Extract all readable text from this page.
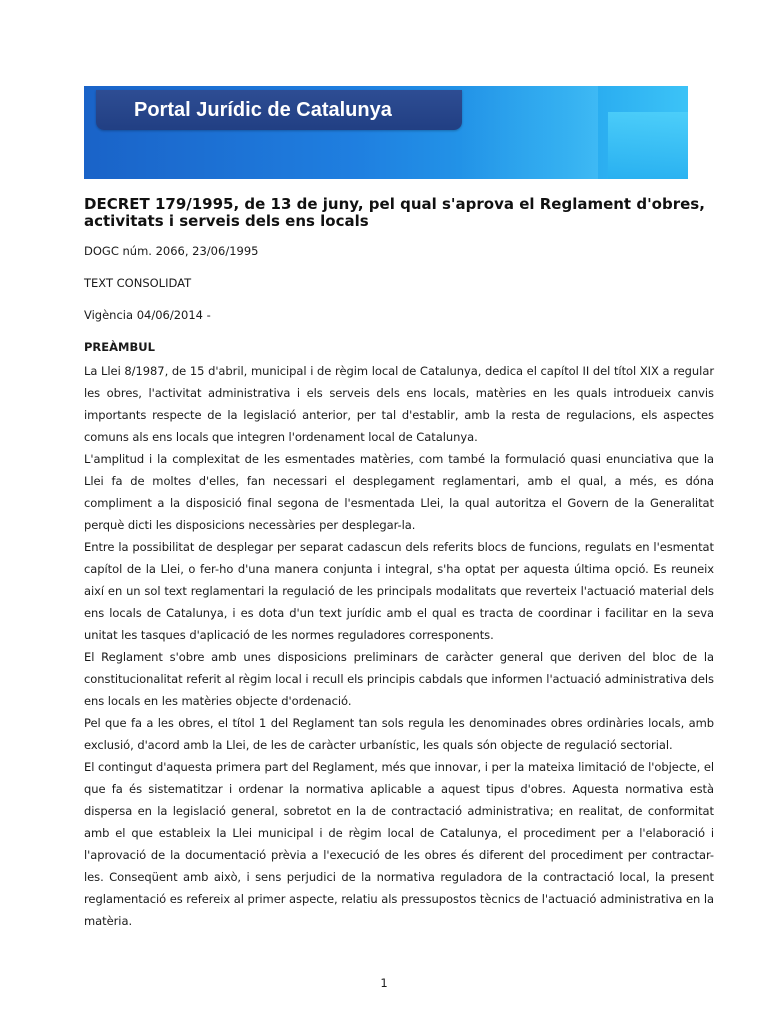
Portal Jurídic de Catalunya
DECRET 179/1995, de 13 de juny, pel qual s'aprova el Reglament d'obres, activitats i serveis dels ens locals

DOGC núm. 2066, 23/06/1995

TEXT CONSOLIDAT

Vigència 04/06/2014 -

PREÀMBUL

La Llei 8/1987, de 15 d'abril, municipal i de règim local de Catalunya, dedica el capítol II del títol XIX a regular les obres, l'activitat administrativa i els serveis dels ens locals, matèries en les quals introdueix canvis importants respecte de la legislació anterior, per tal d'establir, amb la resta de regulacions, els aspectes comuns als ens locals que integren l'ordenament local de Catalunya.

L'amplitud i la complexitat de les esmentades matèries, com també la formulació quasi enunciativa que la Llei fa de moltes d'elles, fan necessari el desplegament reglamentari, amb el qual, a més, es dóna compliment a la disposició final segona de l'esmentada Llei, la qual autoritza el Govern de la Generalitat perquè dicti les disposicions necessàries per desplegar-la.

Entre la possibilitat de desplegar per separat cadascun dels referits blocs de funcions, regulats en l'esmentat capítol de la Llei, o fer-ho d'una manera conjunta i integral, s'ha optat per aquesta última opció. Es reuneix així en un sol text reglamentari la regulació de les principals modalitats que reverteix l'actuació material dels ens locals de Catalunya, i es dota d'un text jurídic amb el qual es tracta de coordinar i facilitar en la seva unitat les tasques d'aplicació de les normes reguladores corresponents.

El Reglament s'obre amb unes disposicions preliminars de caràcter general que deriven del bloc de la constitucionalitat referit al règim local i recull els principis cabdals que informen l'actuació administrativa dels ens locals en les matèries objecte d'ordenació.

Pel que fa a les obres, el títol 1 del Reglament tan sols regula les denominades obres ordinàries locals, amb exclusió, d'acord amb la Llei, de les de caràcter urbanístic, les quals són objecte de regulació sectorial.

El contingut d'aquesta primera part del Reglament, més que innovar, i per la mateixa limitació de l'objecte, el que fa és sistematitzar i ordenar la normativa aplicable a aquest tipus d'obres. Aquesta normativa està dispersa en la legislació general, sobretot en la de contractació administrativa; en realitat, de conformitat amb el que estableix la Llei municipal i de règim local de Catalunya, el procediment per a l'elaboració i l'aprovació de la documentació prèvia a l'execució de les obres és diferent del procediment per contractar-les. Conseqüent amb això, i sens perjudici de la normativa reguladora de la contractació local, la present reglamentació es refereix al primer aspecte, relatiu als pressupostos tècnics de l'actuació administrativa en la matèria.

1
